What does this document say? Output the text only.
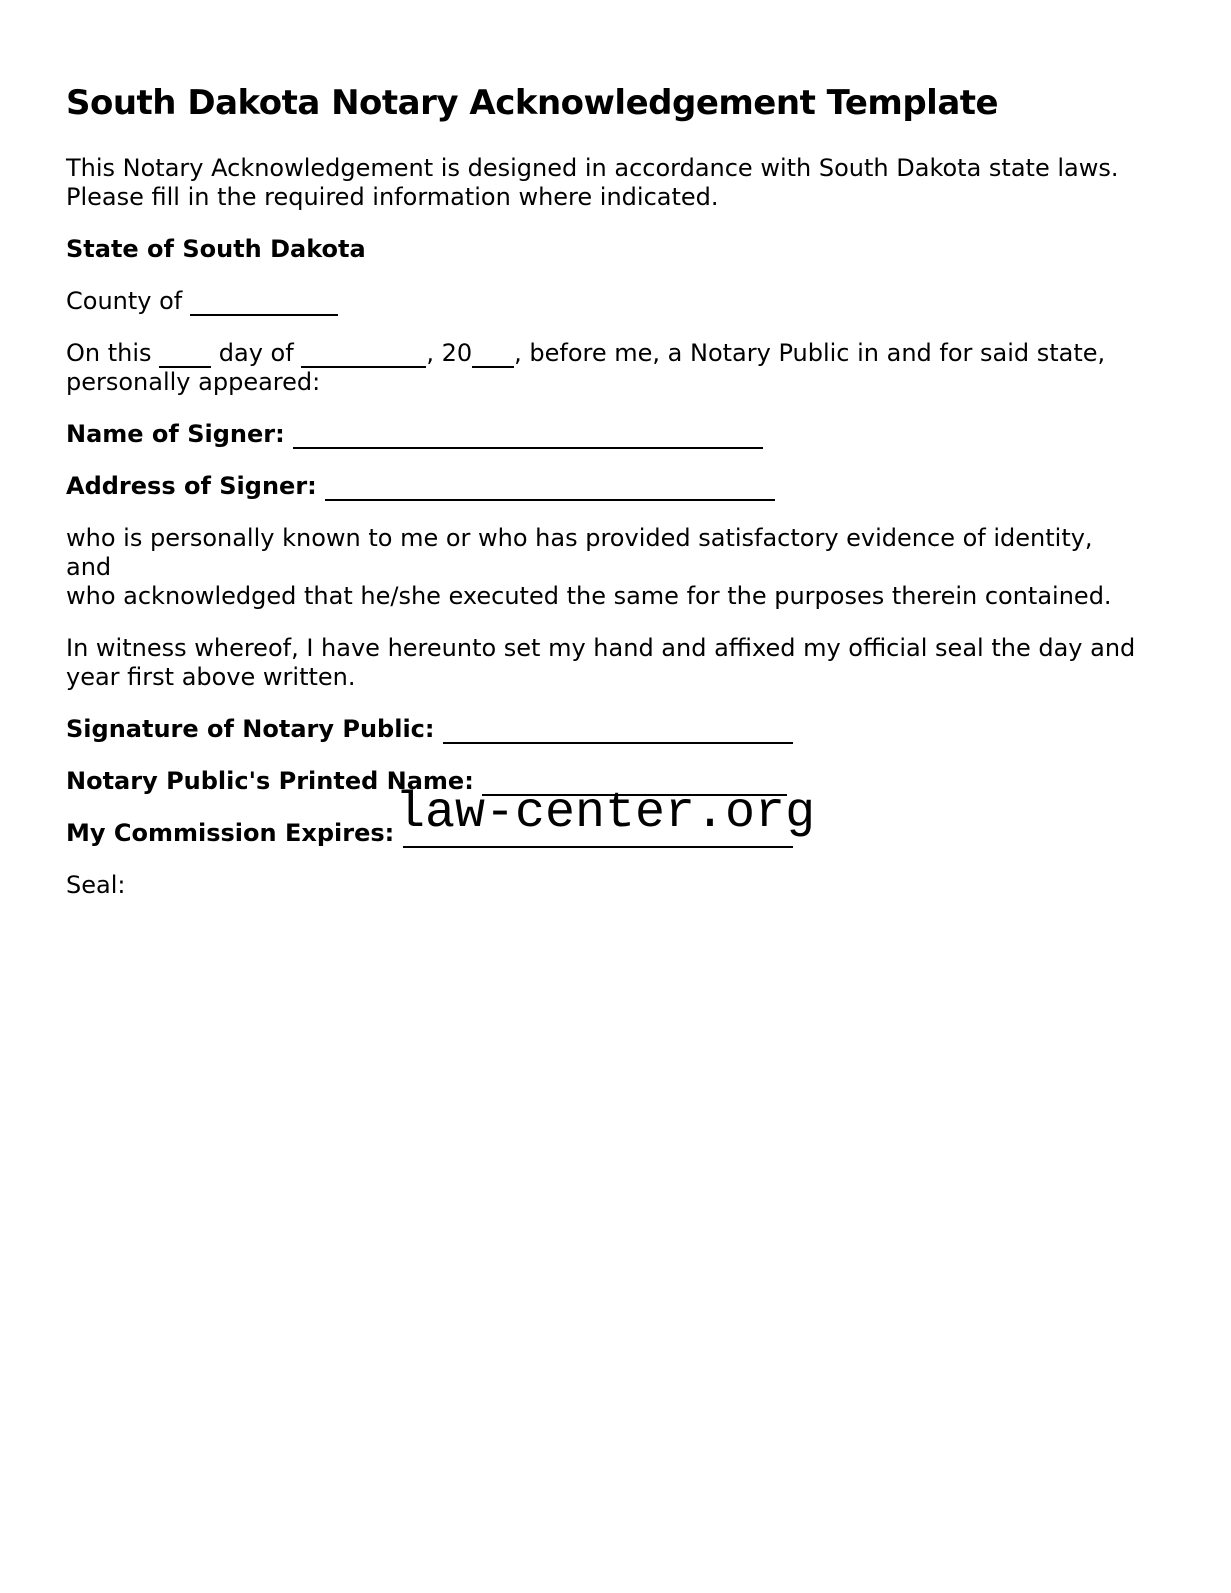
South Dakota Notary Acknowledgement Template

This Notary Acknowledgement is designed in accordance with South Dakota state laws.
Please fill in the required information where indicated.

State of South Dakota

County of

On this  day of	, 20 , before me, a Notary Public in and for said state,
personally appeared:

Name of Signer:

Address of Signer:

who is personally known to me or who has provided satisfactory evidence of identity, and
who acknowledged that he/she executed the same for the purposes therein contained.

In witness whereof, I have hereunto set my hand and affixed my official seal the day and
year first above written.

Signature of Notary Public:

Notary Public's Printed Name:

My Commission Expires:
law-center.org

Seal:
